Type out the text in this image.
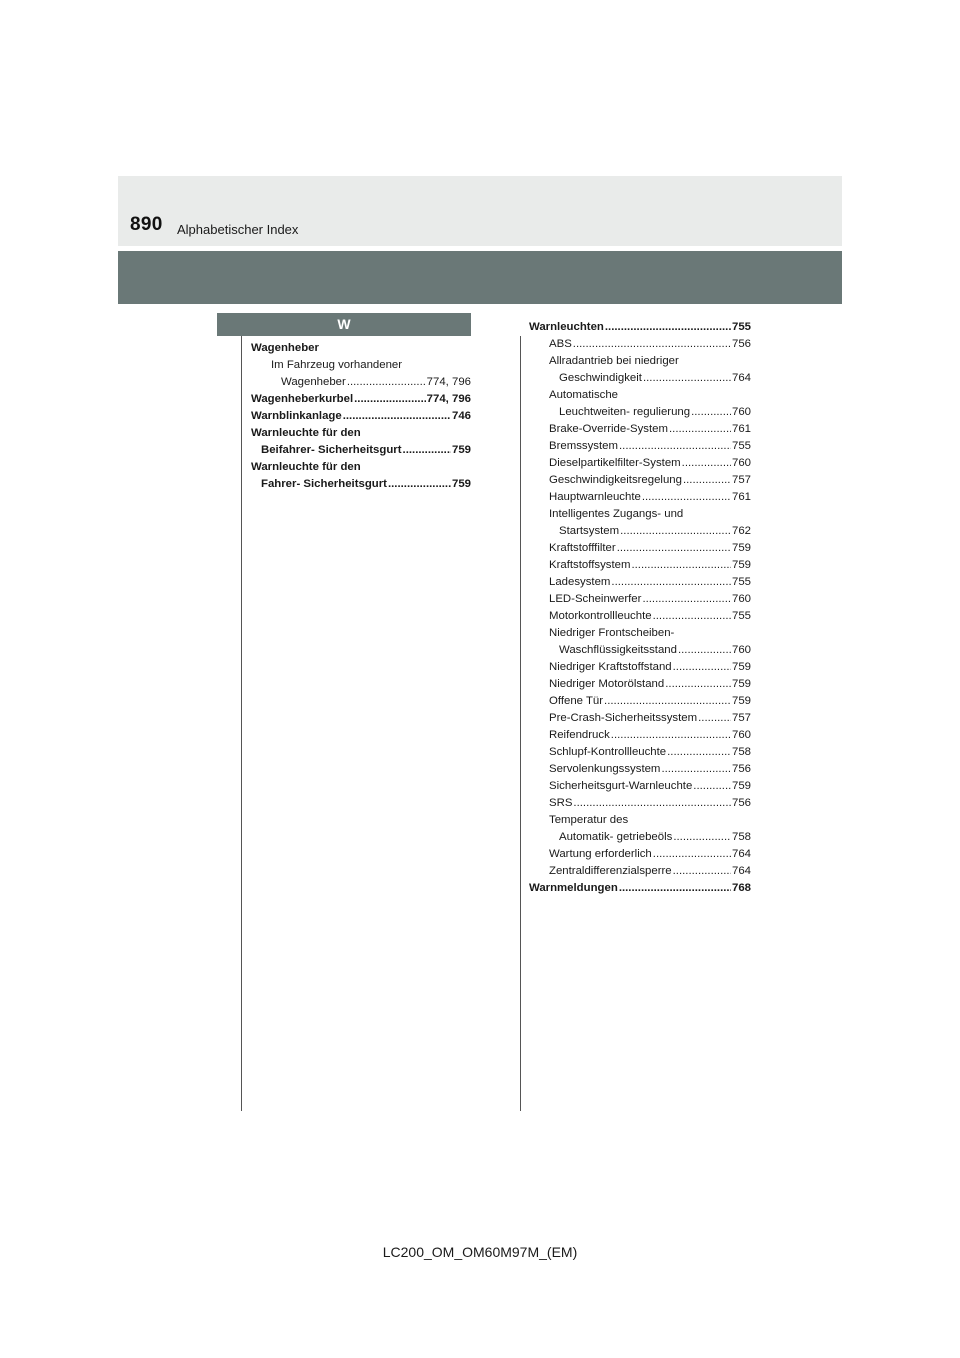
890 Alphabetischer Index
W
Wagenheber
Im Fahrzeug vorhandener
Wagenheber .....	774, 796
Wagenheberkurbel .....	774, 796
Warnblinkanlage .....	746
Warnleuchte für den
Beifahrer- Sicherheitsgurt .....	759
Warnleuchte für den
Fahrer- Sicherheitsgurt .....	759
Warnleuchten .....	755
ABS .....	756
Allradantrieb bei niedriger
Geschwindigkeit .....	764
Automatische
Leuchtweiten- regulierung .....	760
Brake-Override-System .....	761
Bremssystem .....	755
Dieselpartikelfilter-System .....	760
Geschwindigkeitsregelung .....	757
Hauptwarnleuchte .....	761
Intelligentes Zugangs- und
Startsystem .....	762
Kraftstofffilter .....	759
Kraftstoffsystem .....	759
Ladesystem .....	755
LED-Scheinwerfer .....	760
Motorkontrollleuchte .....	755
Niedriger Frontscheiben-
Waschflüssigkeitsstand .....	760
Niedriger Kraftstoffstand .....	759
Niedriger Motorölstand .....	759
Offene Tür .....	759
Pre-Crash-Sicherheitssystem .....	757
Reifendruck .....	760
Schlupf-Kontrollleuchte .....	758
Servolenkungssystem .....	756
Sicherheitsgurt-Warnleuchte .....	759
SRS .....	756
Temperatur des
Automatik- getriebeöls .....	758
Wartung erforderlich .....	764
Zentraldifferenzialsperre .....	764
Warnmeldungen .....	768
LC200_OM_OM60M97M_(EM)
